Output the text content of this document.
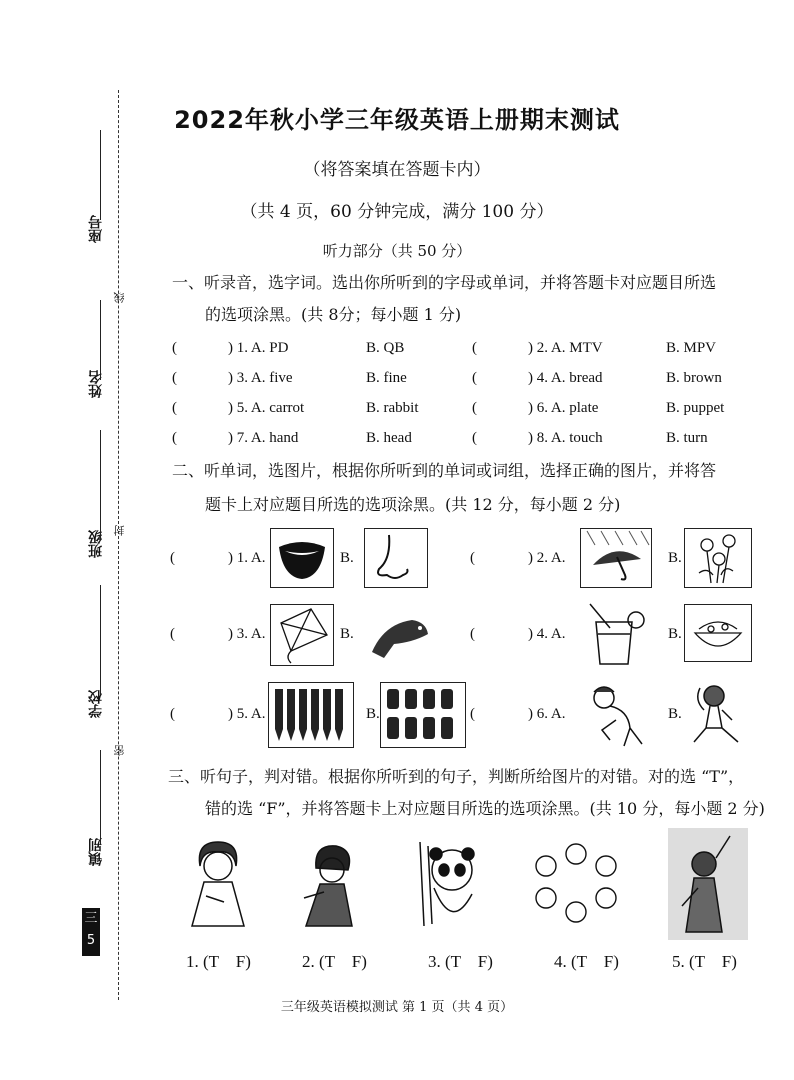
座号
线
姓名
班级 封
学校
密
镇别
三
5
2022年秋小学三年级英语上册期末测试
（将答案填在答题卡内）
（共 4 页，60 分钟完成，满分 100 分）
听力部分（共 50 分）
一、听录音，选字词。选出你所听到的字母或单词，并将答题卡对应题目所选
的选项涂黑。(共 8分；每小题 1 分)
(	) 1. A. PD	B. QB	(	) 2. A. MTV	B. MPV
(	) 3. A. five	B. fine	(	) 4. A. bread	B. brown
(	) 5. A. carrot	B. rabbit	(	) 6. A. plate	B. puppet
(	) 7. A. hand	B. head	(	) 8. A. touch	B. turn
二、听单词，选图片，根据你所听到的单词或词组，选择正确的图片，并将答
题卡上对应题目所选的选项涂黑。(共 12 分，每小题 2 分)
(	) 1. A.	B.	(	) 2. A.	B.
(	) 3. A.	B.	(	) 4. A.	B.
(	) 5. A.	B.	(	) 6. A.	B.
三、听句子，判对错。根据你所听到的句子，判断所给图片的对错。对的选 “T”，
错的选 “F”，并将答题卡上对应题目所选的选项涂黑。(共 10 分，每小题 2 分)
1. (T    F)	2. (T    F)	3. (T    F)	4. (T    F)	5. (T    F)
三年级英语模拟测试 第 1 页（共 4 页）
